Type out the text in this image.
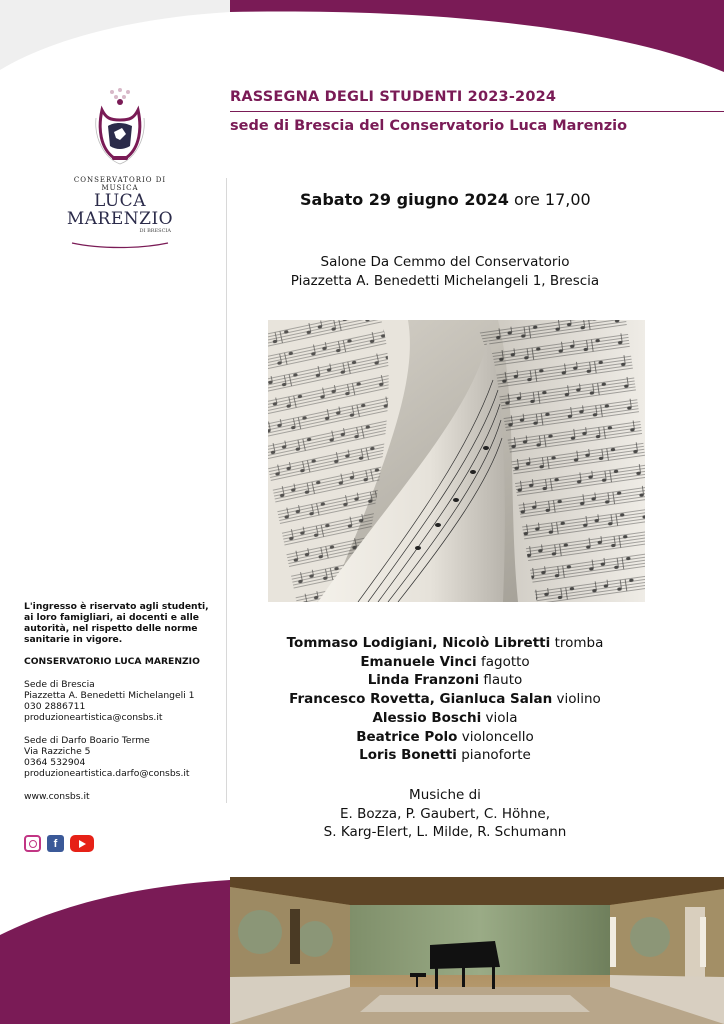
CONSERVATORIO DI MUSICA
LUCA MARENZIO
DI BRESCIA
RASSEGNA DEGLI STUDENTI 2023-2024
sede di Brescia del Conservatorio Luca Marenzio
Sabato 29 giugno 2024 ore 17,00
Salone Da Cemmo del Conservatorio
Piazzetta A. Benedetti Michelangeli 1, Brescia
Tommaso Lodigiani, Nicolò Libretti tromba
Emanuele Vinci fagotto
Linda Franzoni flauto
Francesco Rovetta, Gianluca Salan violino
Alessio Boschi viola
Beatrice Polo violoncello
Loris Bonetti pianoforte
Musiche di
E. Bozza, P. Gaubert, C. Höhne,
S. Karg-Elert, L. Milde, R. Schumann
L'ingresso è riservato agli studenti,
ai loro famigliari, ai docenti e alle
autorità, nel rispetto delle norme
sanitarie in vigore.
CONSERVATORIO LUCA MARENZIO
Sede di Brescia
Piazzetta A. Benedetti Michelangeli 1
030 2886711
produzioneartistica@consbs.it
Sede di Darfo Boario Terme
Via Razziche 5
0364 532904
produzioneartistica.darfo@consbs.it
www.consbs.it
f
